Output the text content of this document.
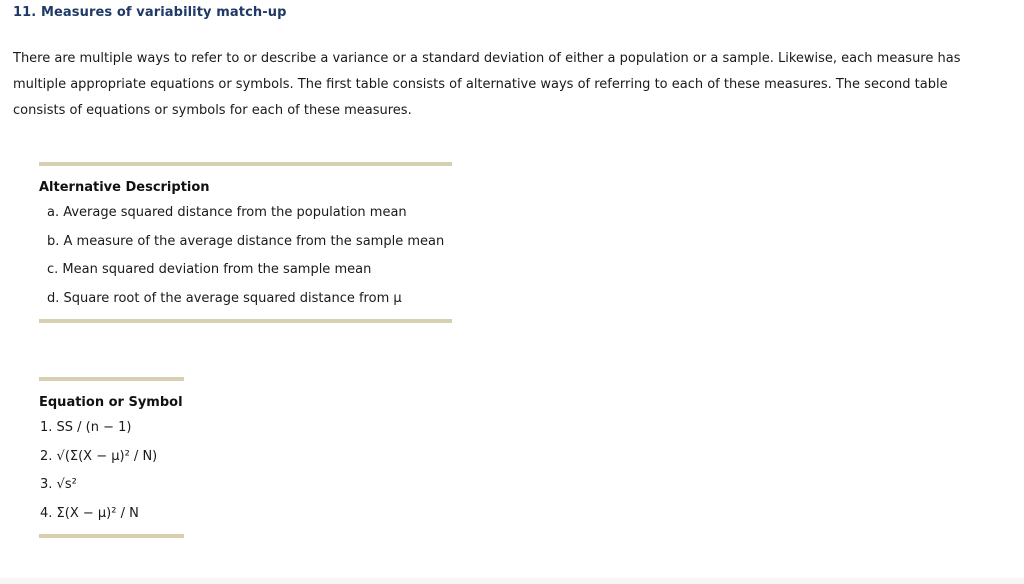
11. Measures of variability match-up
There are multiple ways to refer to or describe a variance or a standard deviation of either a population or a sample. Likewise, each measure has multiple appropriate equations or symbols. The first table consists of alternative ways of referring to each of these measures. The second table consists of equations or symbols for each of these measures.
Alternative Description
a. Average squared distance from the population mean
b. A measure of the average distance from the sample mean
c. Mean squared deviation from the sample mean
d. Square root of the average squared distance from μ
Equation or Symbol
1. SS / (n − 1)
2. √(Σ(X − μ)² / N)
3. √s²
4. Σ(X − μ)² / N
